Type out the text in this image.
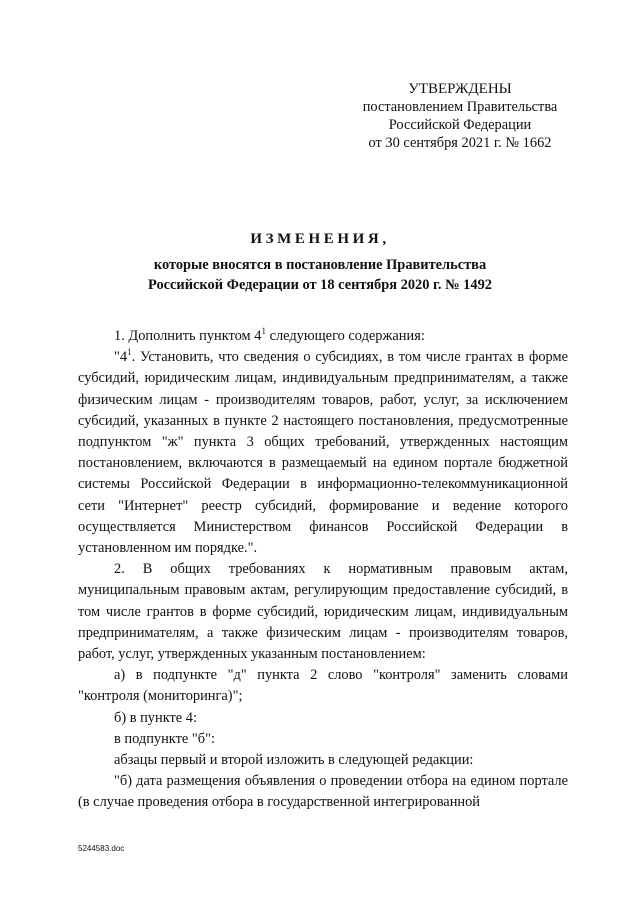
УТВЕРЖДЕНЫ
постановлением Правительства
Российской Федерации
от 30 сентября 2021 г. № 1662
ИЗМЕНЕНИЯ,
которые вносятся в постановление Правительства
Российской Федерации от 18 сентября 2020 г. № 1492

1. Дополнить пунктом $4^1$ следующего содержания:

"$4^1$. Установить, что сведения о субсидиях, в том числе грантах в форме субсидий, юридическим лицам, индивидуальным предпринимателям, а также физическим лицам - производителям товаров, работ, услуг, за исключением субсидий, указанных в пункте 2 настоящего постановления, предусмотренные подпунктом "ж" пункта 3 общих требований, утвержденных настоящим постановлением, включаются в размещаемый на едином портале бюджетной системы Российской Федерации в информационно-телекоммуникационной сети "Интернет" реестр субсидий, формирование и ведение которого осуществляется Министерством финансов Российской Федерации в установленном им порядке.".

2. В общих требованиях к нормативным правовым актам, муниципальным правовым актам, регулирующим предоставление субсидий, в том числе грантов в форме субсидий, юридическим лицам, индивидуальным предпринимателям, а также физическим лицам - производителям товаров, работ, услуг, утвержденных указанным постановлением:

а) в подпункте "д" пункта 2 слово "контроля" заменить словами "контроля (мониторинга)";

б) в пункте 4:

в подпункте "б":

абзацы первый и второй изложить в следующей редакции:

"б) дата размещения объявления о проведении отбора на едином портале (в случае проведения отбора в государственной интегрированной

5244583.doc
